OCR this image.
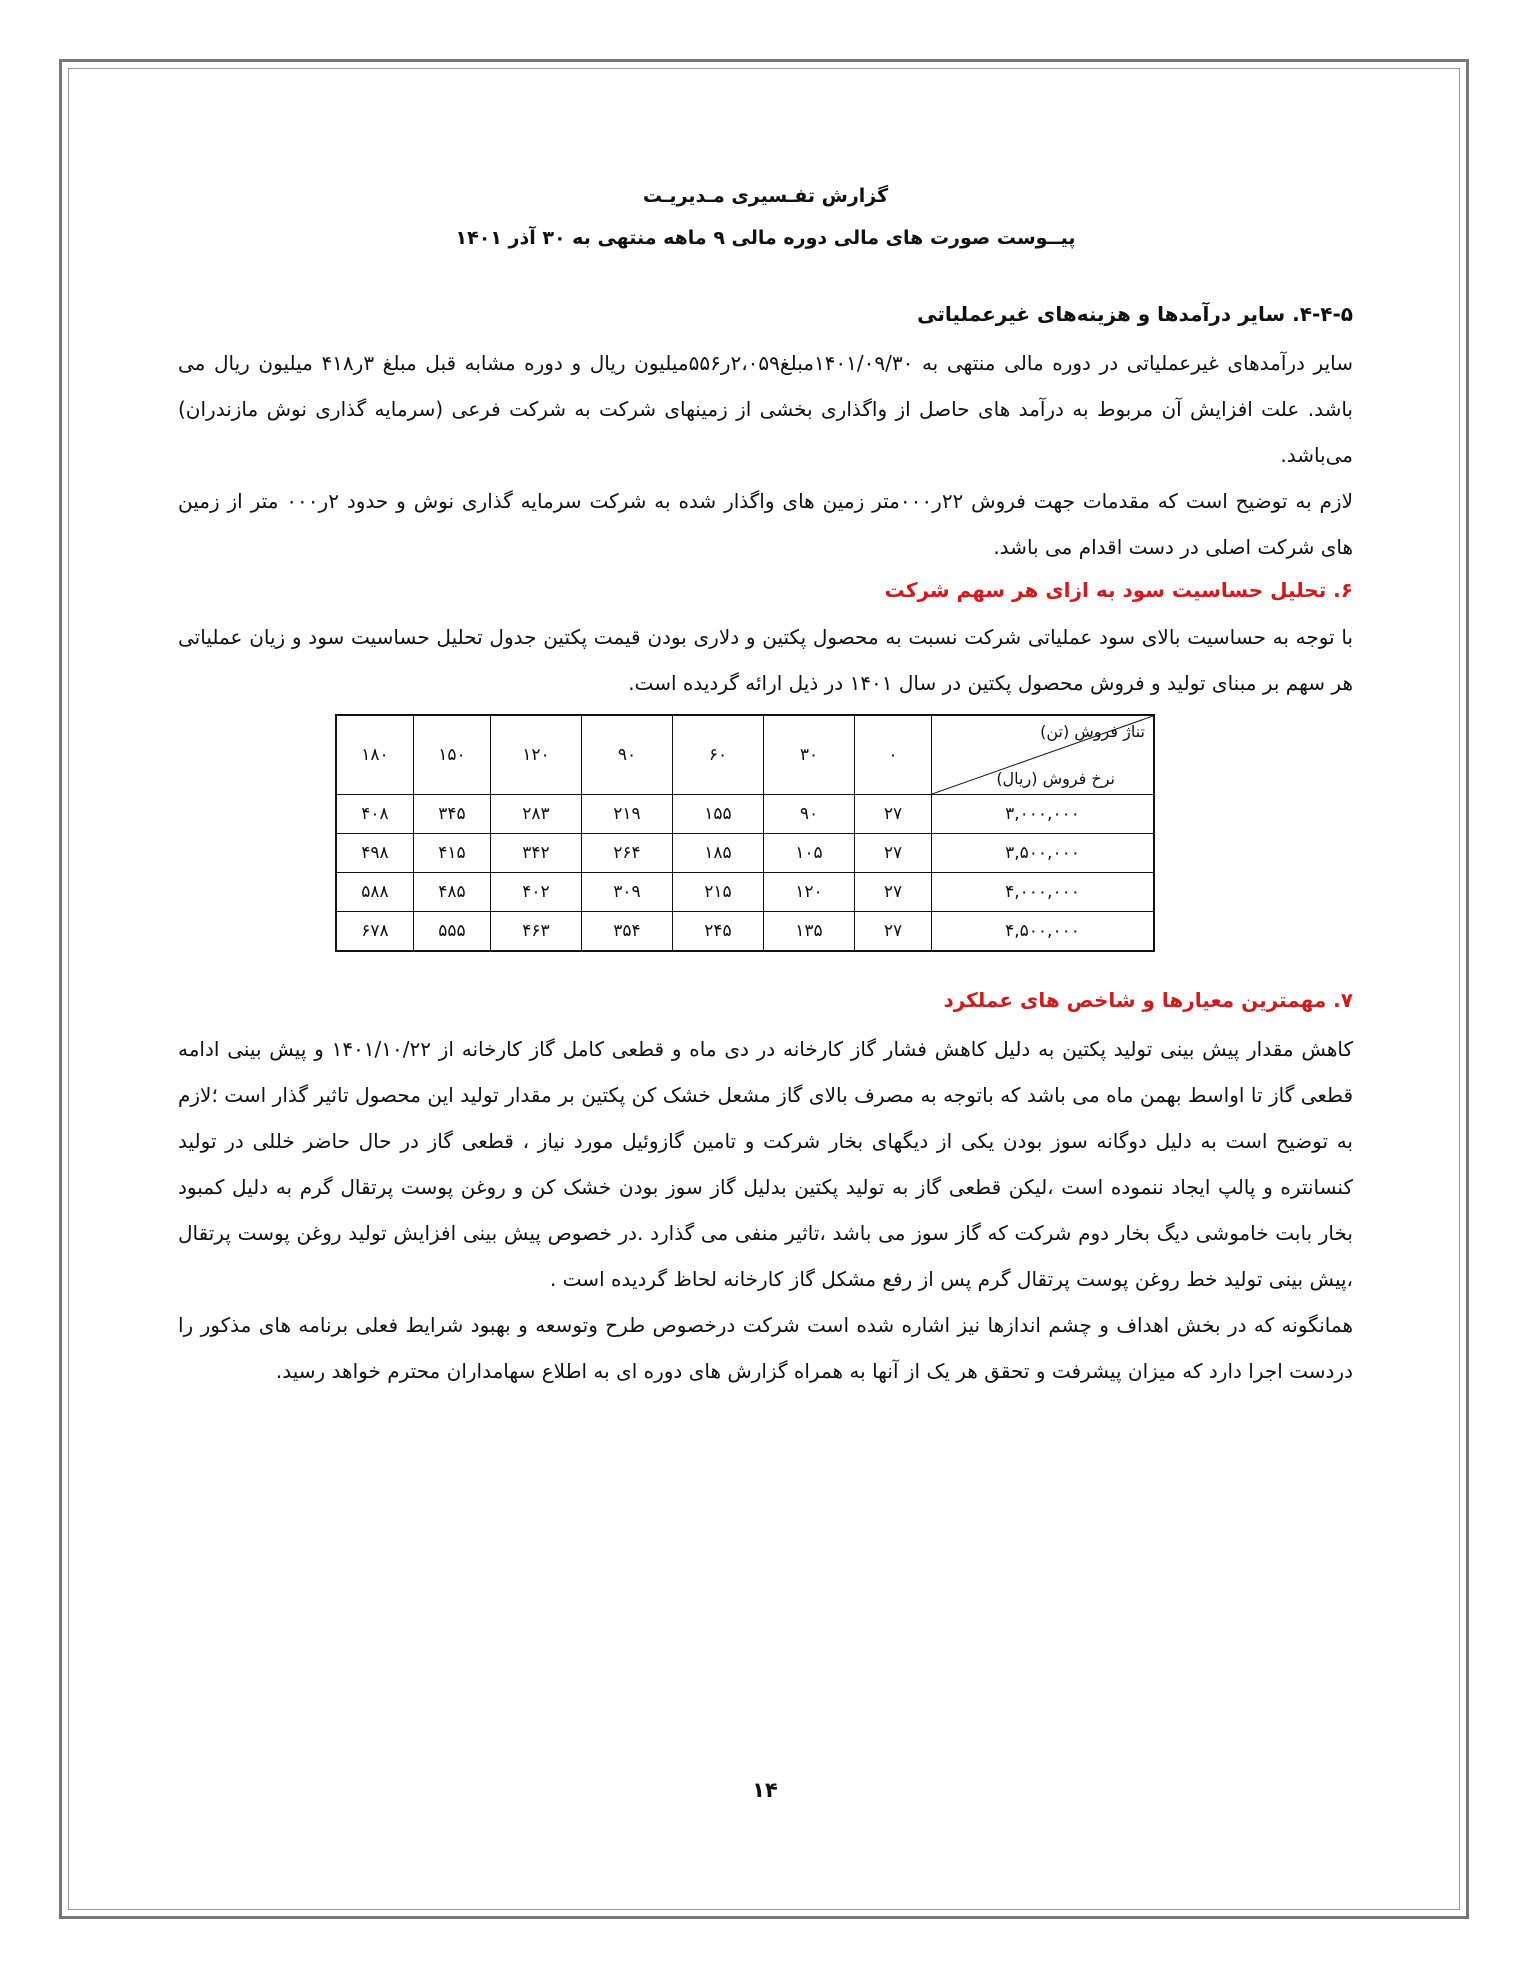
گزارش تفـسیری مـدیریـت
پیــوست صورت های مالی دوره مالی ۹ ماهه منتهی به ۳۰ آذر ۱۴۰۱
۴-۴-۵. سایر درآمدها و هزینه‌های غیرعملیاتی

سایر درآمدهای غیرعملیاتی در دوره مالی منتهی به ۱۴۰۱/۰۹/۳۰مبلغ۲،۰۵۹ر۵۵۶میلیون ریال و دوره مشابه قبل مبلغ ۳ر۴۱۸ میلیون ریال می باشد. علت افزایش آن مربوط به درآمد های حاصل از واگذاری بخشی از زمینهای شرکت به شرکت فرعی (سرمایه گذاری نوش مازندران) می‌باشد.

لازم به توضیح است که مقدمات جهت فروش ۲۲ر۰۰۰متر زمین های واگذار شده به شرکت سرمایه گذاری نوش و حدود ۲ر۰۰۰ متر از زمین های شرکت اصلی در دست اقدام می باشد.

۶. تحلیل حساسیت سود به ازای هر سهم شرکت

با توجه به حساسیت بالای سود عملیاتی شرکت نسبت به محصول پکتین و دلاری بودن قیمت پکتین جدول تحلیل حساسیت سود و زیان عملیاتی هر سهم بر مبنای تولید و فروش محصول پکتین در سال ۱۴۰۱ در ذیل ارائه گردیده است.

تناژ فروش (تن)
نرخ فروش (ریال)	۰	۳۰	۶۰	۹۰	۱۲۰	۱۵۰	۱۸۰
۳,۰۰۰,۰۰۰	۲۷	۹۰	۱۵۵	۲۱۹	۲۸۳	۳۴۵	۴۰۸
۳,۵۰۰,۰۰۰	۲۷	۱۰۵	۱۸۵	۲۶۴	۳۴۲	۴۱۵	۴۹۸
۴,۰۰۰,۰۰۰	۲۷	۱۲۰	۲۱۵	۳۰۹	۴۰۲	۴۸۵	۵۸۸
۴,۵۰۰,۰۰۰	۲۷	۱۳۵	۲۴۵	۳۵۴	۴۶۳	۵۵۵	۶۷۸
۷. مهمترین معیارها و شاخص های عملکرد

کاهش مقدار پیش بینی تولید پکتین به دلیل کاهش فشار گاز کارخانه در دی ماه و قطعی کامل گاز کارخانه از ۱۴۰۱/۱۰/۲۲ و پیش بینی ادامه قطعی گاز تا اواسط بهمن ماه می باشد که باتوجه به مصرف بالای گاز مشعل خشک کن پکتین بر مقدار تولید این محصول تاثیر گذار است ؛لازم به توضیح است به دلیل دوگانه سوز بودن یکی از دیگهای بخار شرکت و تامین گازوئیل مورد نیاز ، قطعی گاز در حال حاضر خللی در تولید کنسانتره و پالپ ایجاد ننموده است ،لیکن قطعی گاز به تولید پکتین بدلیل گاز سوز بودن خشک کن و روغن پوست پرتقال گرم به دلیل کمبود بخار بابت خاموشی دیگ بخار دوم شرکت که گاز سوز می باشد ،تاثیر منفی می گذارد .در خصوص پیش بینی افزایش تولید روغن پوست پرتقال ،پیش بینی تولید خط روغن پوست پرتقال گرم پس از رفع مشکل گاز کارخانه لحاظ گردیده است .

همانگونه که در بخش اهداف و چشم اندازها نیز اشاره شده است شرکت درخصوص طرح وتوسعه و بهبود شرایط فعلی برنامه های مذکور را دردست اجرا دارد که میزان پیشرفت و تحقق هر یک از آنها به همراه گزارش های دوره ای به اطلاع سهامداران محترم خواهد رسید.

۱۴
